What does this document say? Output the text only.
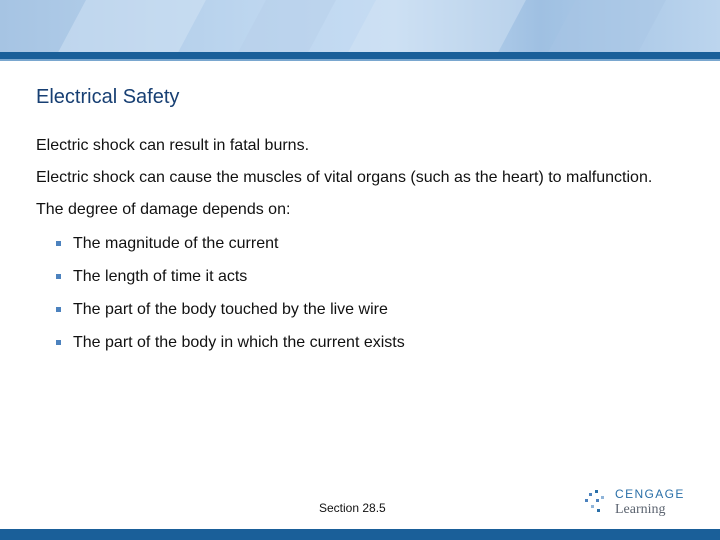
Electrical Safety

Electric shock can result in fatal burns.

Electric shock can cause the muscles of vital organs (such as the heart) to malfunction.

The degree of damage depends on:

The magnitude of the current
The length of time it acts
The part of the body touched by the live wire
The part of the body in which the current exists

Section 28.5

CENGAGE
Learning
